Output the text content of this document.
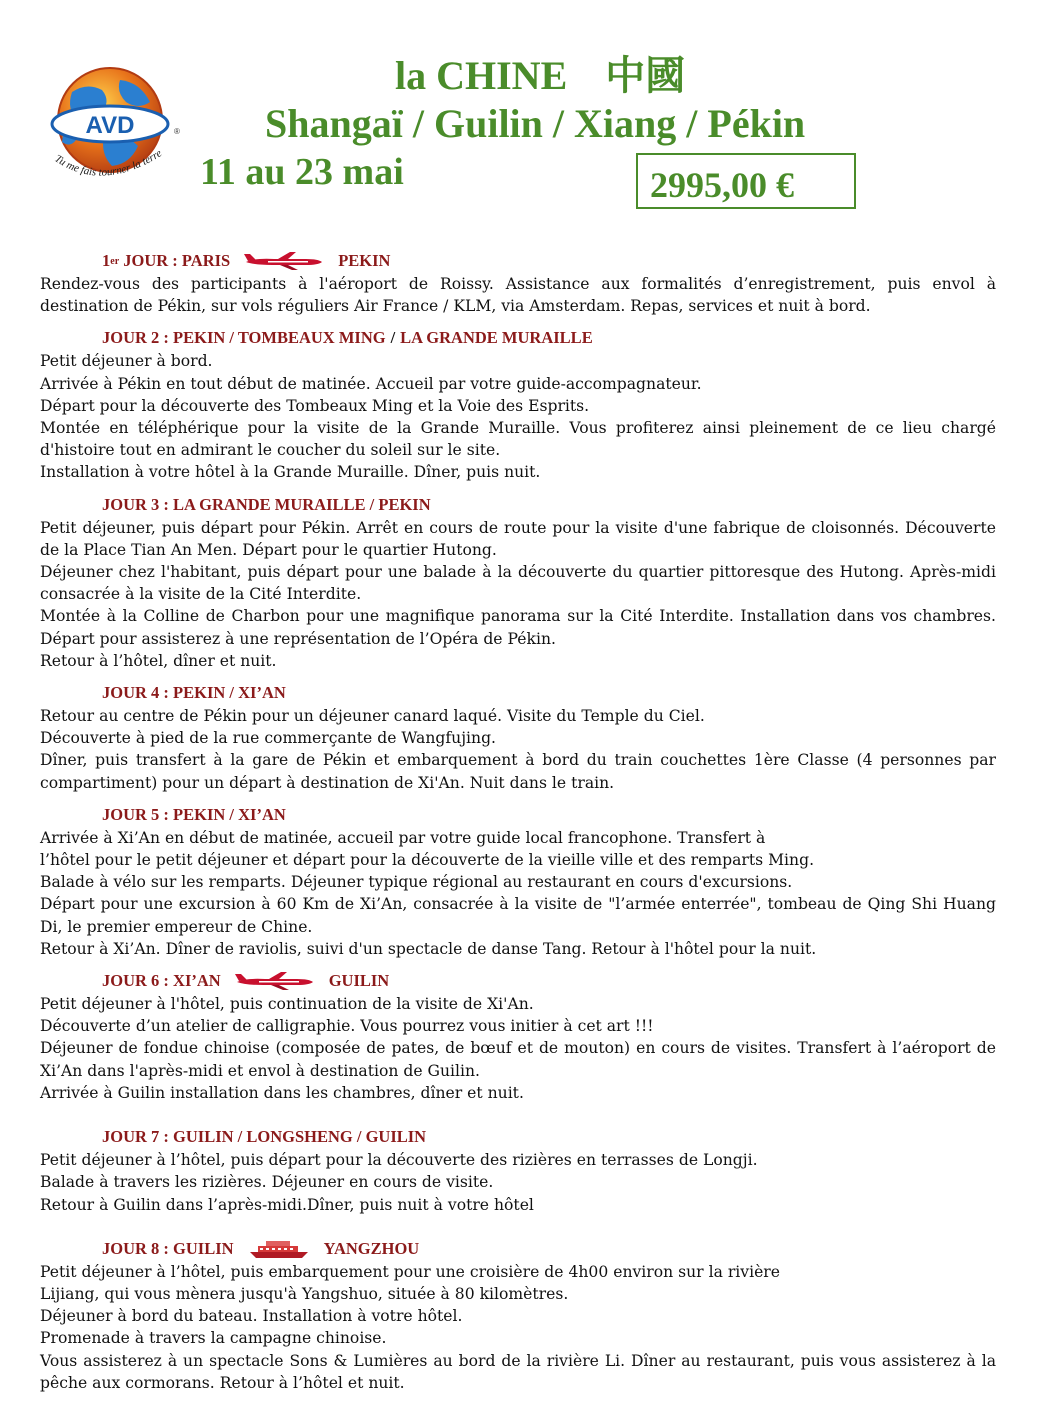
AVD	®
Tu me fais tourner la terre
la CHINE 中國
Shangaï / Guilin / Xiang / Pékin
11 au 23 mai	2995,00 €
1 er
JOUR : PARIS	PEKIN
Rendez-vous des participants à l'aéroport de Roissy. Assistance aux formalités d’enregistrement, puis envol à destination de Pékin, sur vols réguliers Air France / KLM, via Amsterdam. Repas, services et nuit à bord.
JOUR 2 : PEKIN / TOMBEAUX MING / LA GRANDE MURAILLE
Petit déjeuner à bord.
Arrivée à Pékin en tout début de matinée. Accueil par votre guide-accompagnateur.
Départ pour la découverte des Tombeaux Ming et la Voie des Esprits.
Montée en téléphérique pour la visite de la Grande Muraille. Vous profiterez ainsi pleinement de ce lieu chargé d'histoire tout en admirant le coucher du soleil sur le site.
Installation à votre hôtel à la Grande Muraille. Dîner, puis nuit.
JOUR 3 : LA GRANDE MURAILLE / PEKIN
Petit déjeuner, puis départ pour Pékin. Arrêt en cours de route pour la visite d'une fabrique de cloisonnés. Découverte de la Place Tian An Men. Départ pour le quartier Hutong.
Déjeuner chez l'habitant, puis départ pour une balade à la découverte du quartier pittoresque des Hutong. Après-midi consacrée à la visite de la Cité Interdite.
Montée à la Colline de Charbon pour une magnifique panorama sur la Cité Interdite. Installation dans vos chambres. Départ pour assisterez à une représentation de l’Opéra de Pékin.
Retour à l’hôtel, dîner et nuit.
JOUR 4 : PEKIN / XI’AN
Retour au centre de Pékin pour un déjeuner canard laqué. Visite du Temple du Ciel.
Découverte à pied de la rue commerçante de Wangfujing.
Dîner, puis transfert à la gare de Pékin et embarquement à bord du train couchettes 1ère Classe (4 personnes par compartiment) pour un départ à destination de Xi'An. Nuit dans le train.
JOUR 5 : PEKIN / XI’AN
Arrivée à Xi’An en début de matinée, accueil par votre guide local francophone. Transfert à
l’hôtel pour le petit déjeuner et départ pour la découverte de la vieille ville et des remparts Ming.
Balade à vélo sur les remparts. Déjeuner typique régional au restaurant en cours d'excursions.
Départ pour une excursion à 60 Km de Xi’An, consacrée à la visite de "l’armée enterrée", tombeau de Qing Shi Huang Di, le premier empereur de Chine.
Retour à Xi’An. Dîner de raviolis, suivi d'un spectacle de danse Tang. Retour à l'hôtel pour la nuit.
JOUR 6 : XI’AN	GUILIN
Petit déjeuner à l'hôtel, puis continuation de la visite de Xi'An.
Découverte d’un atelier de calligraphie. Vous pourrez vous initier à cet art !!!
Déjeuner de fondue chinoise (composée de pates, de bœuf et de mouton) en cours de visites. Transfert à l’aéroport de Xi’An dans l'après-midi et envol à destination de Guilin.
Arrivée à Guilin installation dans les chambres, dîner et nuit.
JOUR 7 : GUILIN / LONGSHENG / GUILIN
Petit déjeuner à l’hôtel, puis départ pour la découverte des rizières en terrasses de Longji.
Balade à travers les rizières. Déjeuner en cours de visite.
Retour à Guilin dans l’après-midi.Dîner, puis nuit à votre hôtel
JOUR 8 : GUILIN	YANGZHOU
Petit déjeuner à l’hôtel, puis embarquement pour une croisière de 4h00 environ sur la rivière
Lijiang, qui vous mènera jusqu'à Yangshuo, située à 80 kilomètres.
Déjeuner à bord du bateau. Installation à votre hôtel.
Promenade à travers la campagne chinoise.
Vous assisterez à un spectacle Sons & Lumières au bord de la rivière Li. Dîner au restaurant, puis vous assisterez à la pêche aux cormorans. Retour à l’hôtel et nuit.
